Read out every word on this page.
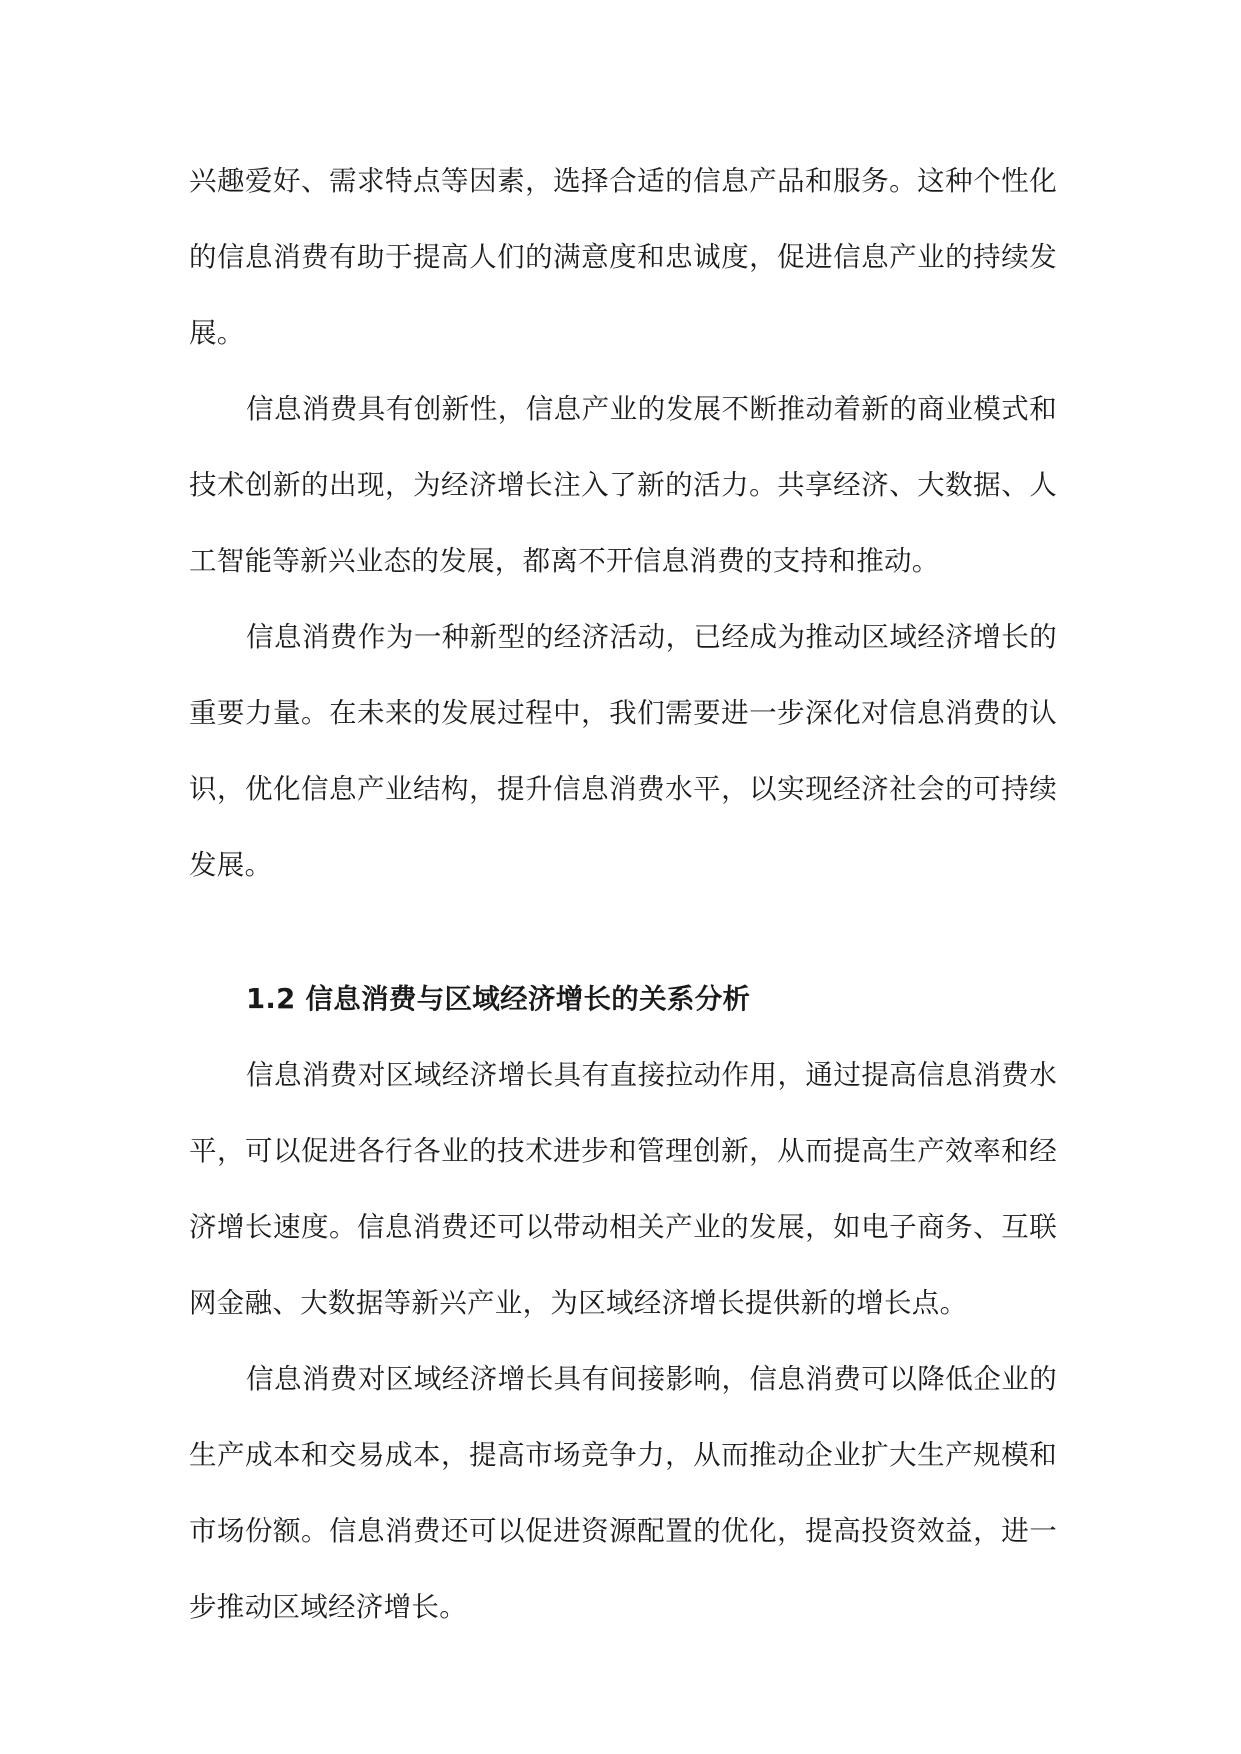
兴趣爱好、需求特点等因素，选择合适的信息产品和服务。这种个性化的信息消费有助于提高人们的满意度和忠诚度，促进信息产业的持续发展。

信息消费具有创新性，信息产业的发展不断推动着新的商业模式和技术创新的出现，为经济增长注入了新的活力。共享经济、大数据、人工智能等新兴业态的发展，都离不开信息消费的支持和推动。

信息消费作为一种新型的经济活动，已经成为推动区域经济增长的重要力量。在未来的发展过程中，我们需要进一步深化对信息消费的认识，优化信息产业结构，提升信息消费水平，以实现经济社会的可持续发展。

1.2 信息消费与区域经济增长的关系分析

信息消费对区域经济增长具有直接拉动作用，通过提高信息消费水平，可以促进各行各业的技术进步和管理创新，从而提高生产效率和经济增长速度。信息消费还可以带动相关产业的发展，如电子商务、互联网金融、大数据等新兴产业，为区域经济增长提供新的增长点。

信息消费对区域经济增长具有间接影响，信息消费可以降低企业的生产成本和交易成本，提高市场竞争力，从而推动企业扩大生产规模和市场份额。信息消费还可以促进资源配置的优化，提高投资效益，进一步推动区域经济增长。
